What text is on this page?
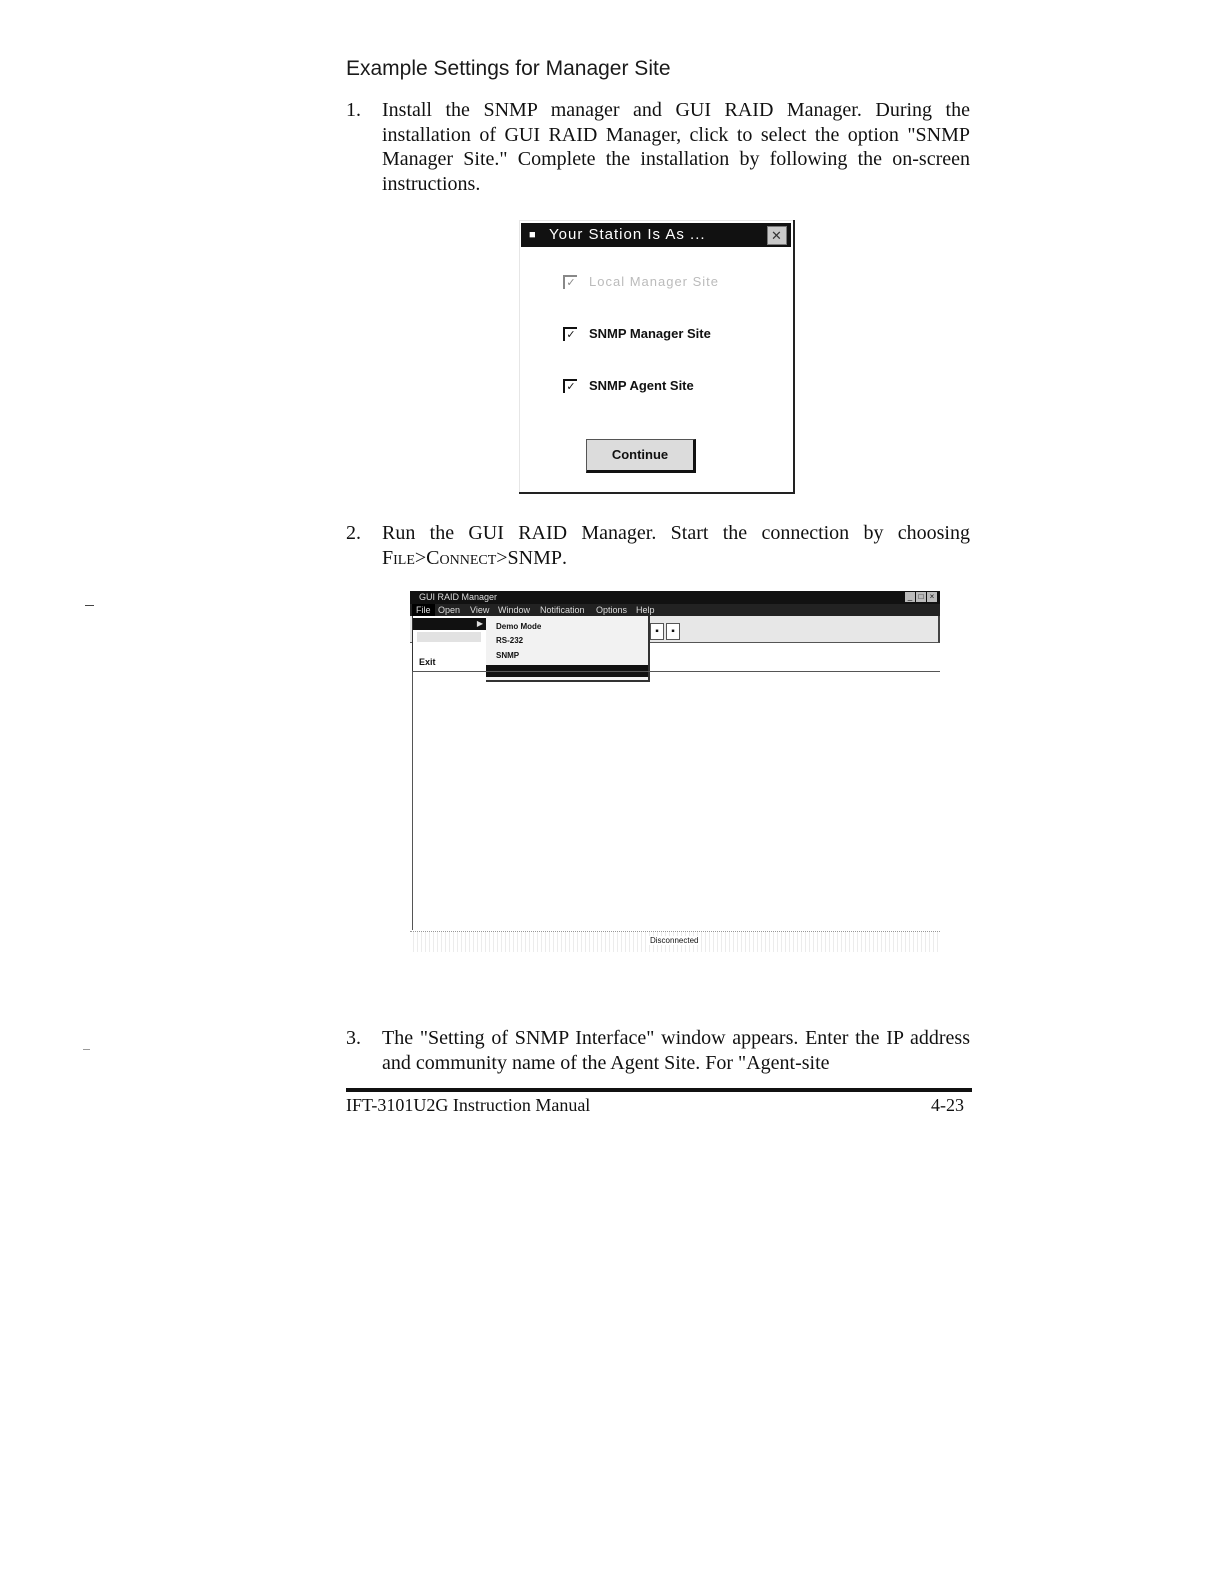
Example Settings for Manager Site
1. Install the SNMP manager and GUI RAID Manager. During the installation of GUI RAID Manager, click to select the option "SNMP Manager Site." Complete the installation by following the on-screen instructions.
■ Your Station Is As ...	✕
✓ Local Manager Site
✓ SNMP Manager Site
✓ SNMP Agent Site
Continue
2. Run the GUI RAID Manager. Start the connection by choosing File>Connect>SNMP.
GUI RAID Manager	_ □ ×
File Open View Window Notification Options Help
▪	▪
▶
Exit
Demo Mode
RS-232
SNMP
Disconnected
3. The "Setting of SNMP Interface" window appears. Enter the IP address and community name of the Agent Site. For "Agent-site
IFT-3101U2G Instruction Manual	4-23
